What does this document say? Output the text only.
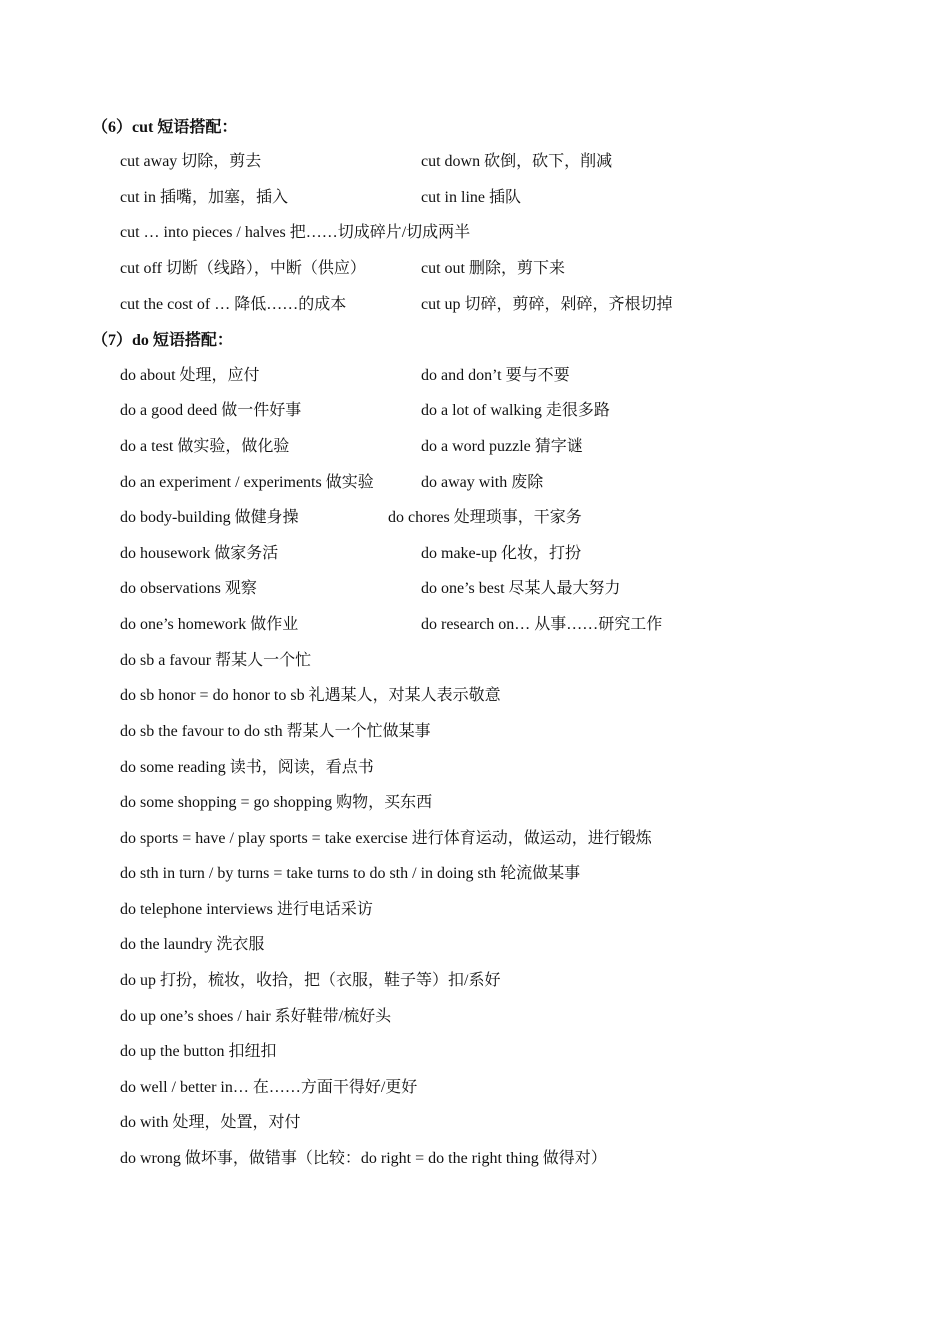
（6）cut 短语搭配：
cut away 切除，剪去	cut down 砍倒，砍下，削减
cut in 插嘴，加塞，插入	cut in line 插队
cut … into pieces / halves 把……切成碎片/切成两半
cut off 切断（线路），中断（供应）	cut out 删除，剪下来
cut the cost of … 降低……的成本	cut up 切碎，剪碎，剁碎，齐根切掉
（7）do 短语搭配：
do about 处理，应付	do and don’t 要与不要
do a good deed 做一件好事	do a lot of walking 走很多路
do a test 做实验，做化验	do a word puzzle 猜字谜
do an experiment / experiments 做实验	do away with 废除
do body-building 做健身操	do chores 处理琐事，干家务
do housework 做家务活	do make-up 化妆，打扮
do observations 观察	do one’s best 尽某人最大努力
do one’s homework 做作业	do research on… 从事……研究工作
do sb a favour 帮某人一个忙
do sb honor = do honor to sb 礼遇某人，对某人表示敬意
do sb the favour to do sth 帮某人一个忙做某事
do some reading 读书，阅读，看点书
do some shopping = go shopping 购物，买东西
do sports = have / play sports = take exercise 进行体育运动，做运动，进行锻炼
do sth in turn / by turns = take turns to do sth / in doing sth 轮流做某事
do telephone interviews 进行电话采访
do the laundry 洗衣服
do up 打扮，梳妆，收拾，把（衣服，鞋子等）扣/系好
do up one’s shoes / hair 系好鞋带/梳好头
do up the button 扣纽扣
do well / better in… 在……方面干得好/更好
do with 处理，处置，对付
do wrong 做坏事，做错事（比较：do right = do the right thing 做得对）
